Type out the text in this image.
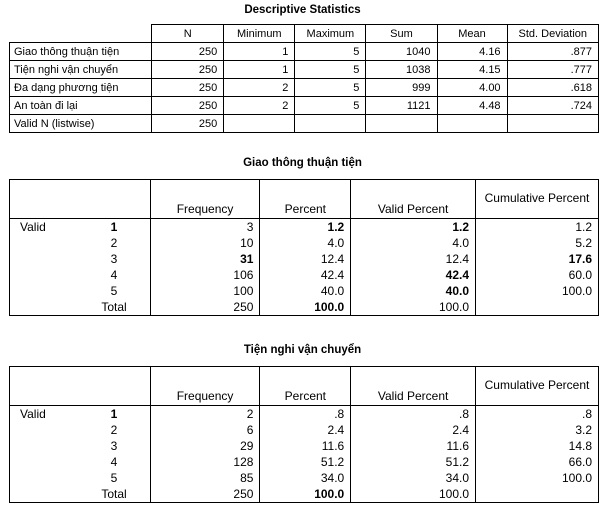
Descriptive Statistics
	N	Minimum	Maximum	Sum	Mean	Std. Deviation
Giao thông thuận tiện	250	1	5	1040	4.16	.877
Tiện nghi vận chuyển	250	1	5	1038	4.15	.777
Đa dạng phương tiện	250	2	5	999	4.00	.618
An toàn đi lại	250	2	5	1121	4.48	.724
Valid N (listwise)	250					
Giao thông thuận tiện
		Frequency	Percent	Valid Percent	Cumulative Percent
Valid	1	3	1.2	1.2	1.2
	2	10	4.0	4.0	5.2
	3	31	12.4	12.4	17.6
	4	106	42.4	42.4	60.0
	5	100	40.0	40.0	100.0
	Total	250	100.0	100.0	
Tiện nghi vận chuyển
		Frequency	Percent	Valid Percent	Cumulative Percent
Valid	1	2	.8	.8	.8
	2	6	2.4	2.4	3.2
	3	29	11.6	11.6	14.8
	4	128	51.2	51.2	66.0
	5	85	34.0	34.0	100.0
	Total	250	100.0	100.0	
